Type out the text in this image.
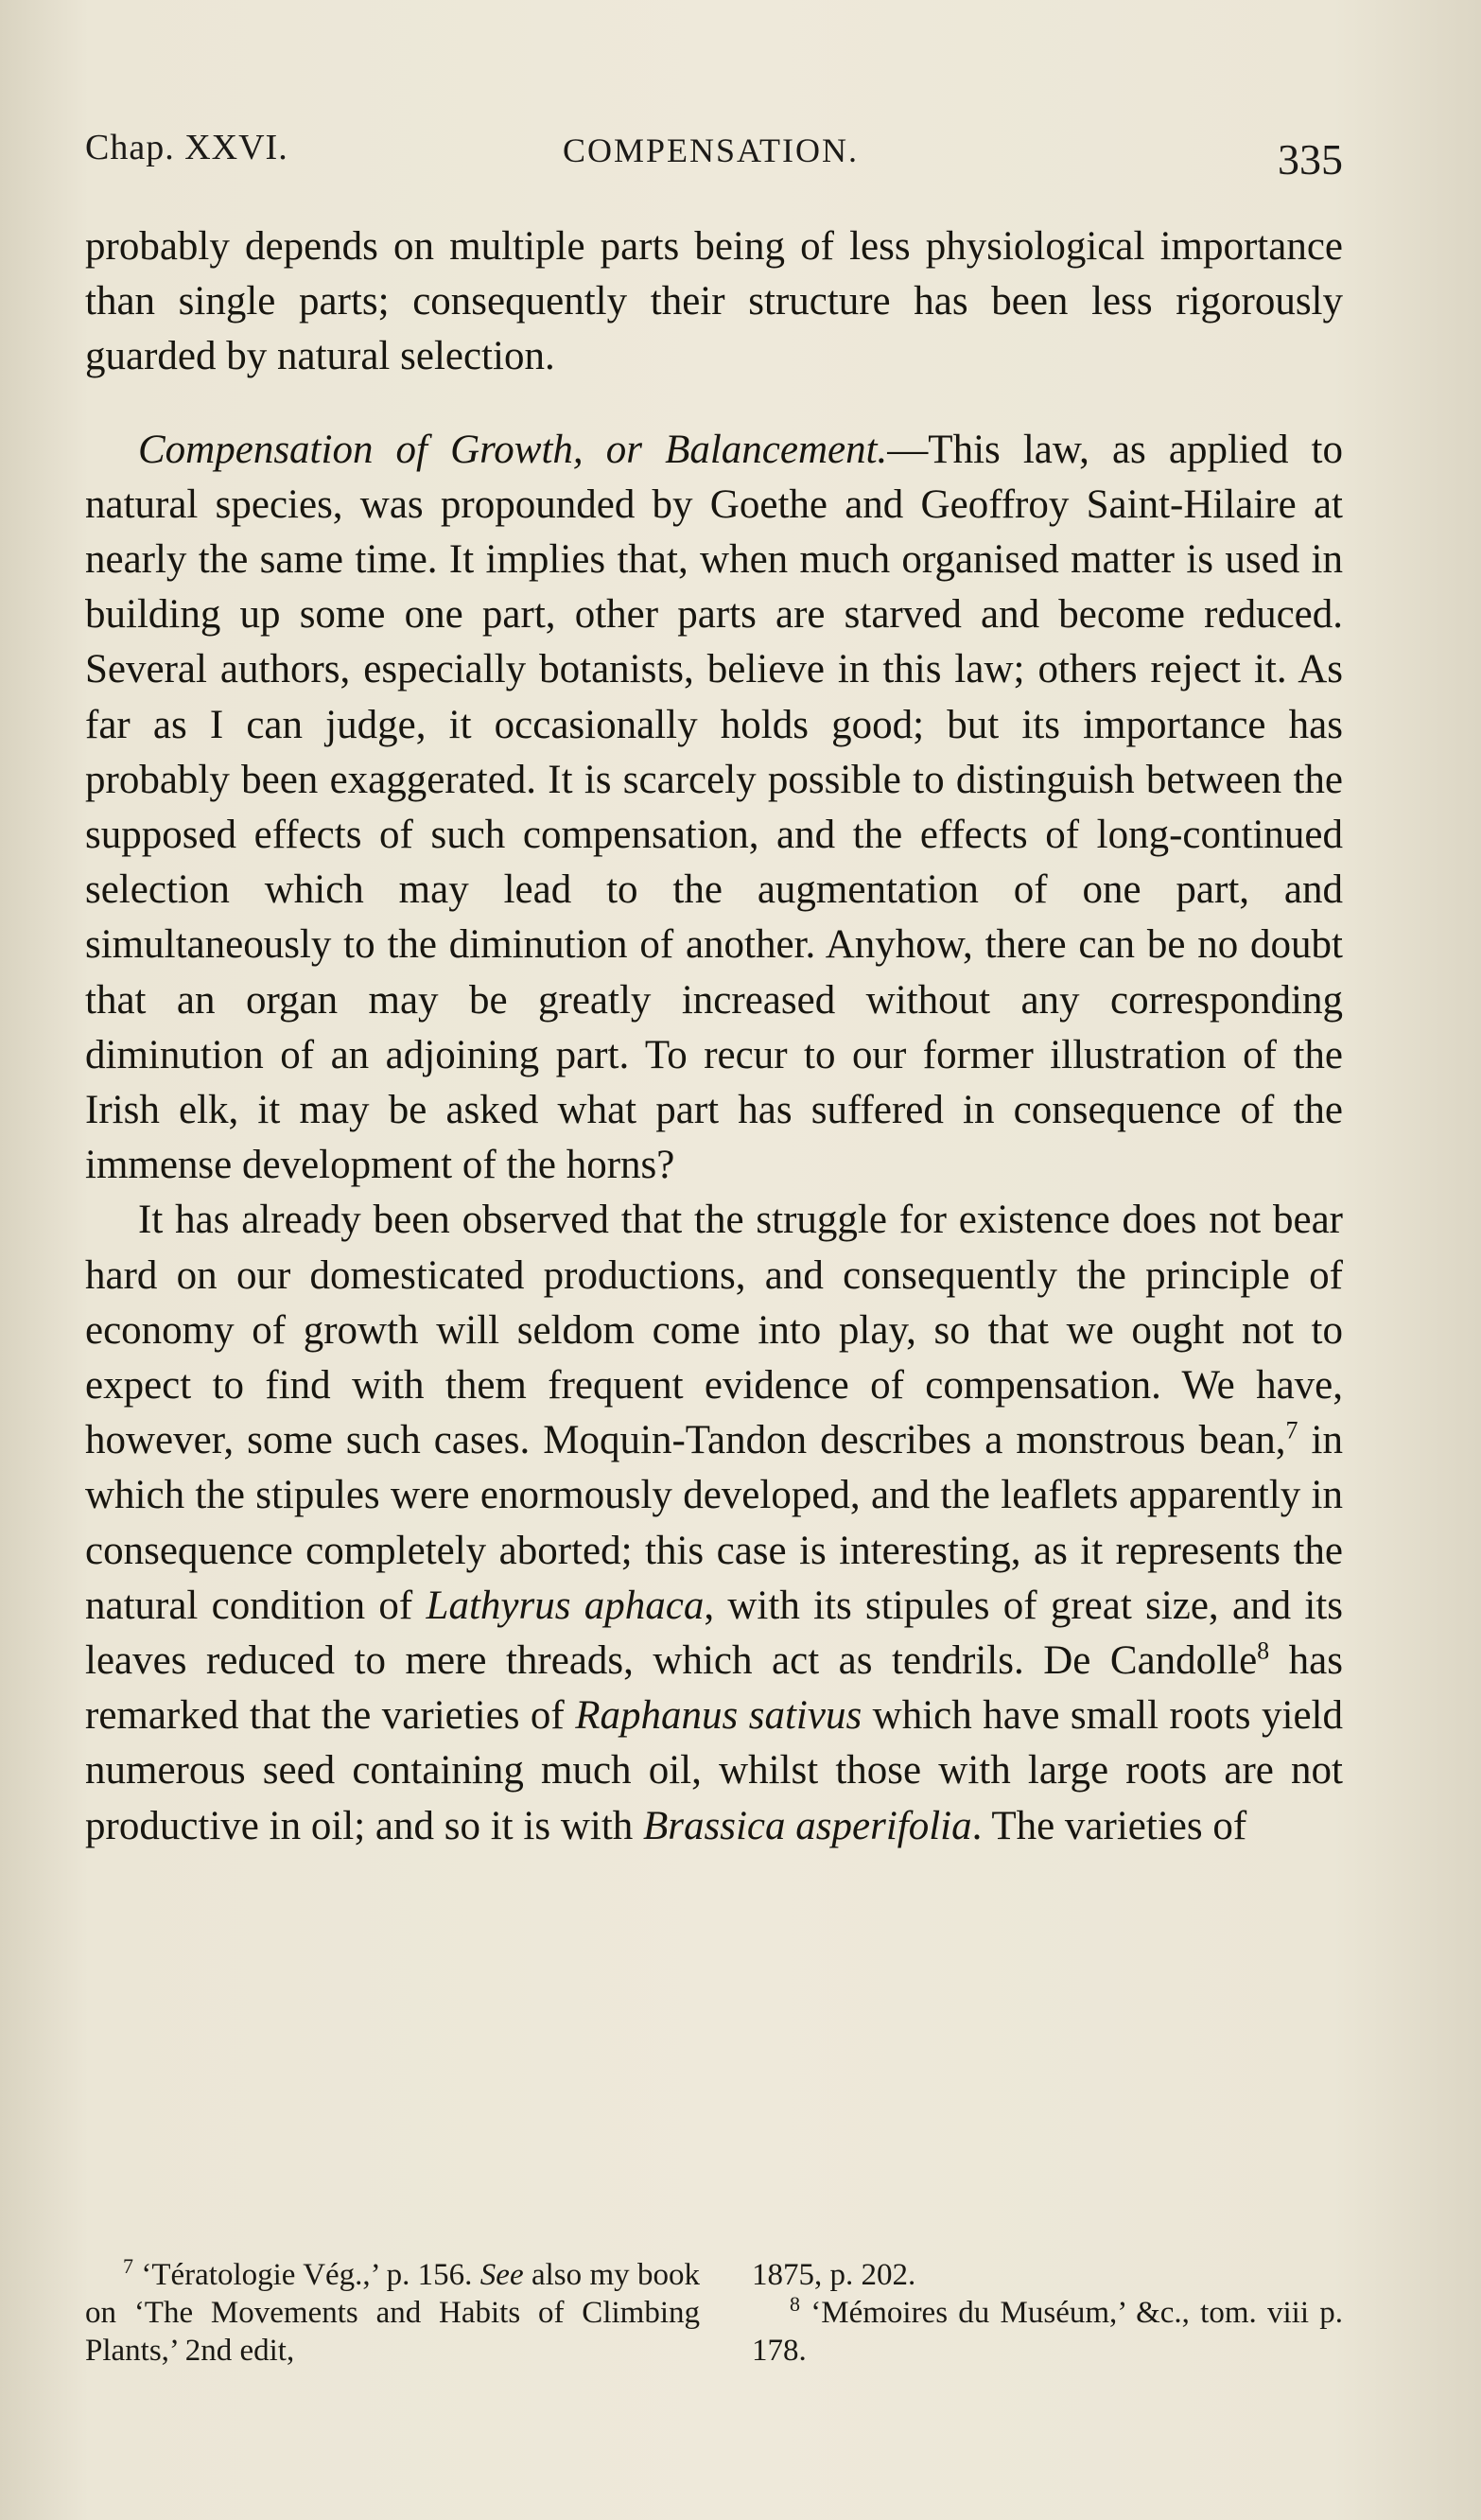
Chap. XXVI.	COMPENSATION.	335

probably depends on multiple parts being of less physiological importance than single parts; consequently their structure has been less rigorously guarded by natural selection.

Compensation of Growth, or Balancement.—This law, as applied to natural species, was propounded by Goethe and Geoffroy Saint-Hilaire at nearly the same time. It implies that, when much organised matter is used in building up some one part, other parts are starved and become reduced. Several authors, especially botanists, believe in this law; others reject it. As far as I can judge, it occasionally holds good; but its importance has probably been exaggerated. It is scarcely possible to distinguish between the supposed effects of such compensation, and the effects of long-continued selection which may lead to the augmentation of one part, and simultaneously to the diminution of another. Anyhow, there can be no doubt that an organ may be greatly increased without any corresponding diminution of an adjoining part. To recur to our former illustration of the Irish elk, it may be asked what part has suffered in consequence of the immense development of the horns?

It has already been observed that the struggle for existence does not bear hard on our domesticated productions, and consequently the principle of economy of growth will seldom come into play, so that we ought not to expect to find with them frequent evidence of compensation. We have, however, some such cases. Moquin-Tandon describes a monstrous bean,$^7$ in which the stipules were enormously developed, and the leaflets apparently in consequence completely aborted; this case is interesting, as it represents the natural condition of Lathyrus aphaca, with its stipules of great size, and its leaves reduced to mere threads, which act as tendrils. De Candolle$^8$ has remarked that the varieties of Raphanus sativus which have small roots yield numerous seed containing much oil, whilst those with large roots are not productive in oil; and so it is with Brassica asperifolia. The varieties of

$^7$ ‘Tératologie Vég.,’ p. 156. See also my book on ‘The Movements and Habits of Climbing Plants,’ 2nd edit,

1875, p. 202.

$^8$ ‘Mémoires du Muséum,’ &c., tom. viii p. 178.
